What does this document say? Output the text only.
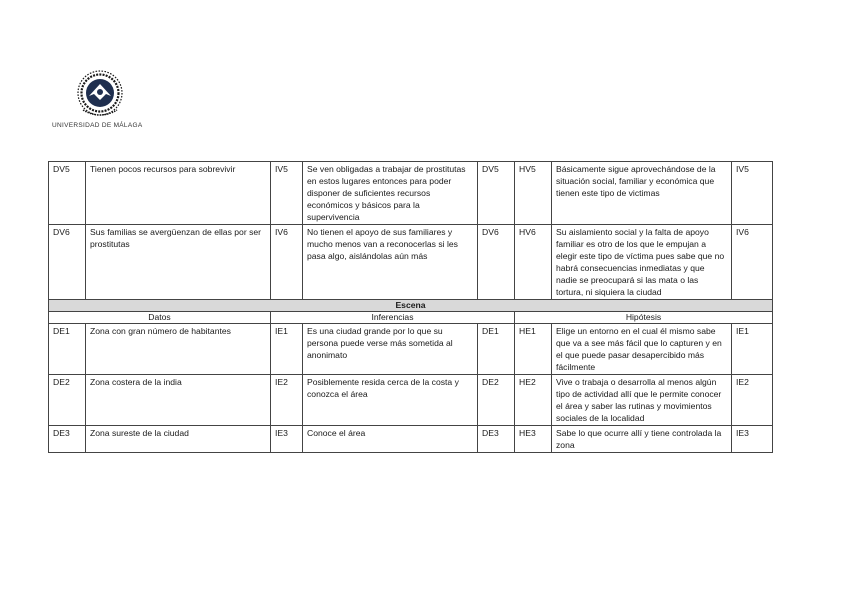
UNIVERSIDAD DE MÁLAGA
DV5	Tienen pocos recursos para sobrevivir	IV5	Se ven obligadas a trabajar de prostitutas en estos lugares entonces para poder disponer de suficientes recursos económicos y básicos para la supervivencia	DV5	HV5	Básicamente sigue aprovechándose de la situación social, familiar y económica que tienen este tipo de victimas	IV5
DV6	Sus familias se avergüenzan de ellas por ser prostitutas	IV6	No tienen el apoyo de sus familiares y mucho menos van a reconocerlas si les pasa algo, aislándolas aún más	DV6	HV6	Su aislamiento social y la falta de apoyo familiar es otro de los que le empujan a elegir este tipo de víctima pues sabe que no habrá consecuencias inmediatas y que nadie se preocupará si las mata o las tortura, ni siquiera la ciudad	IV6
Escena							
Datos		Inferencias			Hipótesis		
DE1	Zona con gran número de habitantes	IE1	Es una ciudad grande por lo que su persona puede verse más sometida al anonimato	DE1	HE1	Elige un entorno en el cual él mismo sabe que va a see más fácil que lo capturen y en el que puede pasar desapercibido más fácilmente	IE1
DE2	Zona costera de la india	IE2	Posiblemente resida cerca de la costa y conozca el área	DE2	HE2	Vive o trabaja o desarrolla al menos algún tipo de actividad allí que le permite conocer el área y saber las rutinas y movimientos sociales de la localidad	IE2
DE3	Zona sureste de la ciudad	IE3	Conoce el área	DE3	HE3	Sabe lo que ocurre allí y tiene controlada la zona	IE3
